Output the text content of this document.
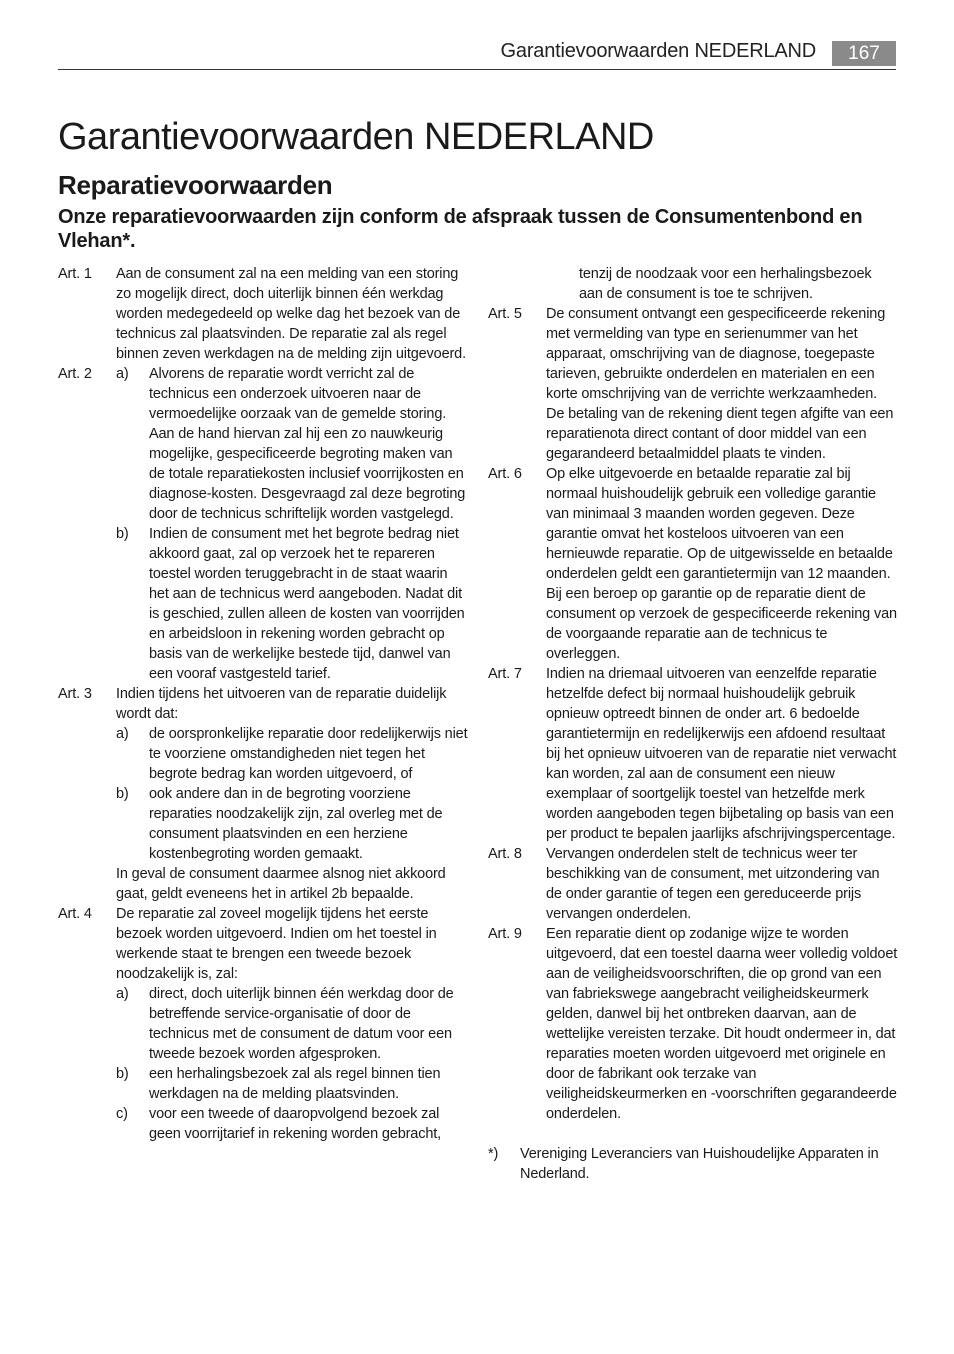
Garantievoorwaarden NEDERLAND	167
Garantievoorwaarden NEDERLAND
Reparatievoorwaarden
Onze reparatievoorwaarden zijn conform de afspraak tussen de Consumentenbond en Vlehan*.
Art. 1	Aan de consument zal na een melding van een storing zo mogelijk direct, doch uiterlijk binnen één werkdag worden medegedeeld op welke dag het bezoek van de technicus zal plaatsvinden. De reparatie zal als regel binnen zeven werkdagen na de melding zijn uitgevoerd.
Art. 2	a)	Alvorens de reparatie wordt verricht zal de technicus een onderzoek uitvoeren naar de vermoedelijke oorzaak van de gemelde storing. Aan de hand hiervan zal hij een zo nauwkeurig mogelijke, gespecificeerde begroting maken van de totale reparatiekosten inclusief voorrijkosten en diagnose-kosten. Desgevraagd zal deze begroting door de technicus schriftelijk worden vastgelegd.
b)	Indien de consument met het begrote bedrag niet akkoord gaat, zal op verzoek het te repareren toestel worden teruggebracht in de staat waarin het aan de technicus werd aangeboden. Nadat dit is geschied, zullen alleen de kosten van voorrijden en arbeidsloon in rekening worden gebracht op basis van de werkelijke bestede tijd, danwel van een vooraf vastgesteld tarief.
Art. 3	Indien tijdens het uitvoeren van de reparatie duidelijk wordt dat:
a)	de oorspronkelijke reparatie door redelijkerwijs niet te voorziene omstandigheden niet tegen het begrote bedrag kan worden uitgevoerd, of
b)	ook andere dan in de begroting voorziene reparaties noodzakelijk zijn, zal overleg met de consument plaatsvinden en een herziene kostenbegroting worden gemaakt.
In geval de consument daarmee alsnog niet akkoord gaat, geldt eveneens het in artikel 2b bepaalde.
Art. 4	De reparatie zal zoveel mogelijk tijdens het eerste bezoek worden uitgevoerd. Indien om het toestel in werkende staat te brengen een tweede bezoek noodzakelijk is, zal:
a)	direct, doch uiterlijk binnen één werkdag door de betreffende service-organisatie of door de technicus met de consument de datum voor een tweede bezoek worden afgesproken.
b)	een herhalingsbezoek zal als regel binnen tien werkdagen na de melding plaatsvinden.
c)	voor een tweede of daaropvolgend bezoek zal geen voorrijtarief in rekening worden gebracht,
tenzij de noodzaak voor een herhalingsbezoek aan de consument is toe te schrijven.
Art. 5	De consument ontvangt een gespecificeerde rekening met vermelding van type en serienummer van het apparaat, omschrijving van de diagnose, toegepaste tarieven, gebruikte onderdelen en materialen en een korte omschrijving van de verrichte werkzaamheden. De betaling van de rekening dient tegen afgifte van een reparatienota direct contant of door middel van een gegarandeerd betaalmiddel plaats te vinden.
Art. 6	Op elke uitgevoerde en betaalde reparatie zal bij normaal huishoudelijk gebruik een volledige garantie van minimaal 3 maanden worden gegeven. Deze garantie omvat het kosteloos uitvoeren van een hernieuwde reparatie. Op de uitgewisselde en betaalde onderdelen geldt een garantietermijn van 12 maanden. Bij een beroep op garantie op de reparatie dient de consument op verzoek de gespecificeerde rekening van de voorgaande reparatie aan de technicus te overleggen.
Art. 7	Indien na driemaal uitvoeren van eenzelfde reparatie hetzelfde defect bij normaal huishoudelijk gebruik opnieuw optreedt binnen de onder art. 6 bedoelde garantietermijn en redelijkerwijs een afdoend resultaat bij het opnieuw uitvoeren van de reparatie niet verwacht kan worden, zal aan de consument een nieuw exemplaar of soortgelijk toestel van hetzelfde merk worden aangeboden tegen bijbetaling op basis van een per product te bepalen jaarlijks afschrijvingspercentage.
Art. 8	Vervangen onderdelen stelt de technicus weer ter beschikking van de consument, met uitzondering van de onder garantie of tegen een gereduceerde prijs vervangen onderdelen.
Art. 9	Een reparatie dient op zodanige wijze te worden uitgevoerd, dat een toestel daarna weer volledig voldoet aan de veiligheidsvoorschriften, die op grond van een van fabriekswege aangebracht veiligheidskeurmerk gelden, danwel bij het ontbreken daarvan, aan de wettelijke vereisten terzake. Dit houdt ondermeer in, dat reparaties moeten worden uitgevoerd met originele en door de fabrikant ook terzake van veiligheidskeurmerken en -voorschriften gegarandeerde onderdelen.
*) Vereniging Leveranciers van Huishoudelijke Apparaten in Nederland.
